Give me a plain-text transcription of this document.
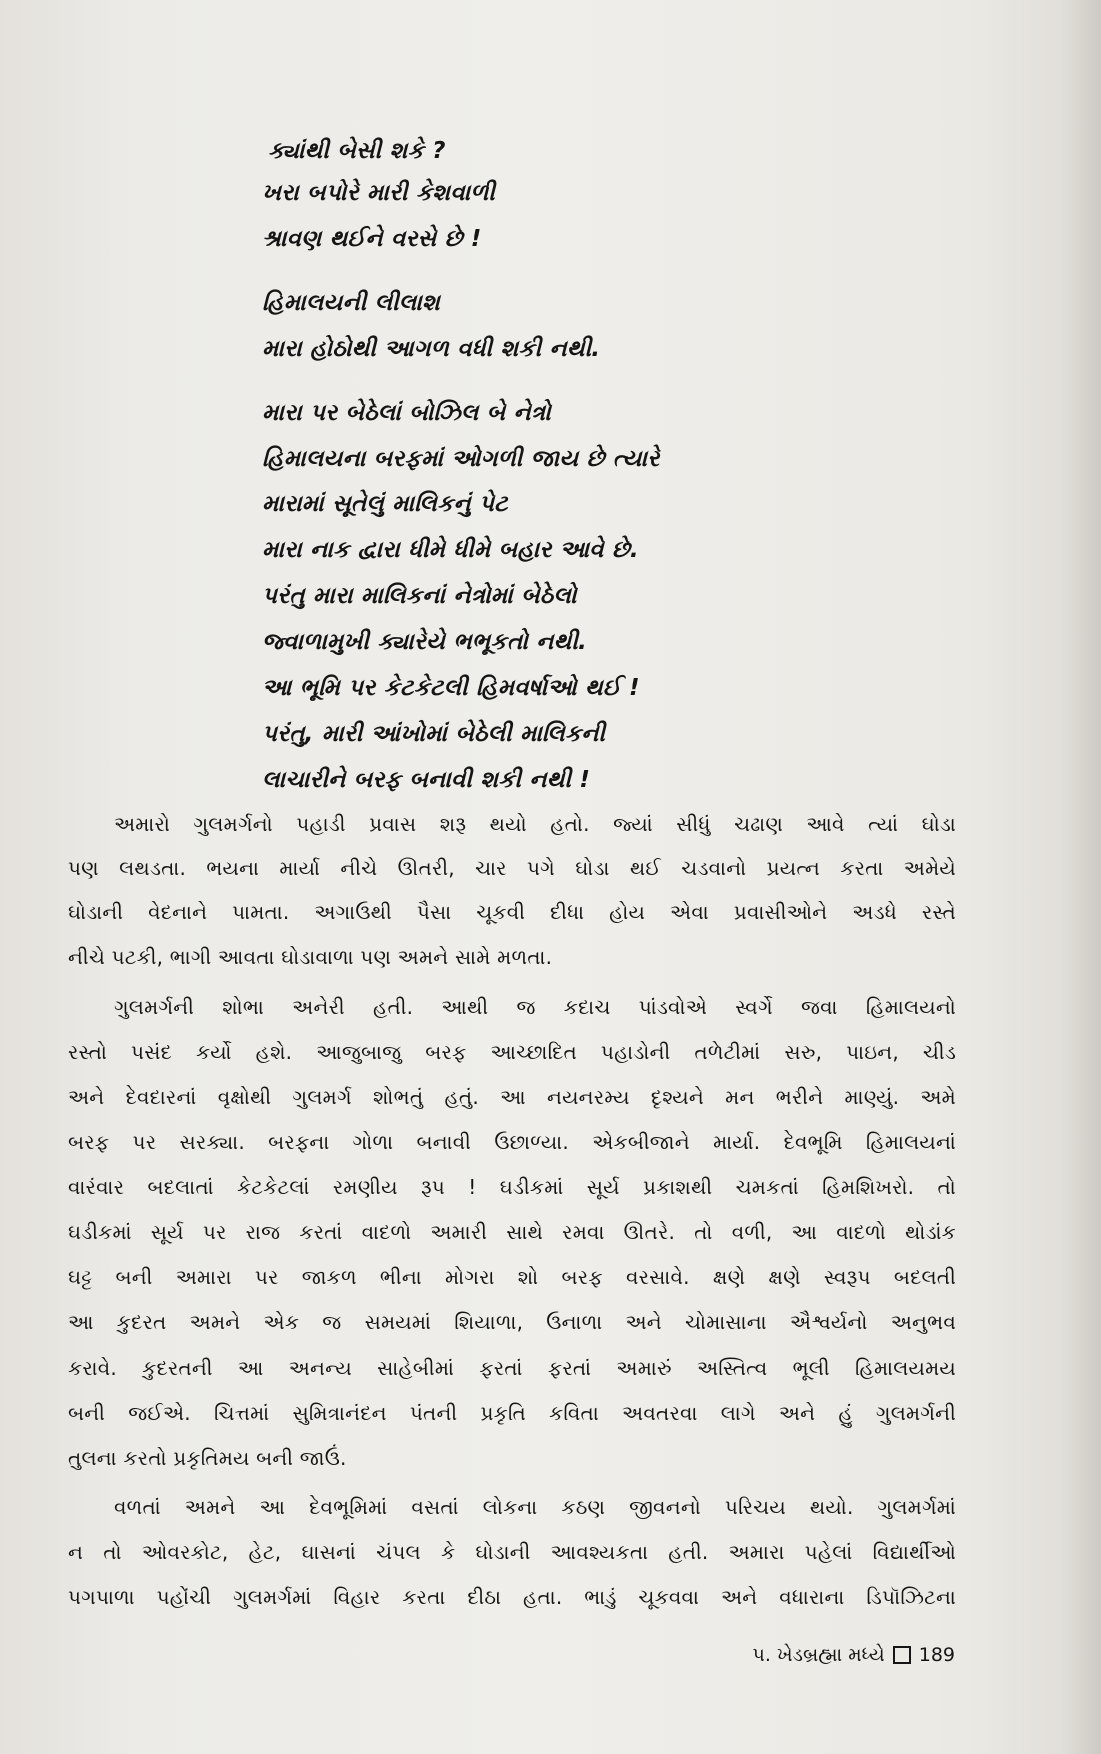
ક્યાંથી બેસી શકે ?
ખરા બપોરે મારી કેશવાળી
શ્રાવણ થઈને વરસે છે !
હિમાલયની લીલાશ
મારા હોઠોથી આગળ વધી શકી નથી.
મારા પર બેઠેલાં બોઝિલ બે નેત્રો
હિમાલયના બરફમાં ઓગળી જાય છે ત્યારે
મારામાં સૂતેલું માલિકનું પેટ
મારા નાક દ્વારા ધીમે ધીમે બહાર આવે છે.
પરંતુ મારા માલિકનાં નેત્રોમાં બેઠેલો
જ્વાળામુખી ક્યારેયે ભભૂકતો નથી.
આ ભૂમિ પર કેટકેટલી હિમવર્ષાઓ થઈ !
પરંતુ, મારી આંખોમાં બેઠેલી માલિકની
લાચારીને બરફ બનાવી શકી નથી !
અમારો ગુલમર્ગનો પહાડી પ્રવાસ શરૂ થયો હતો. જ્યાં સીધું ચઢાણ આવે ત્યાં ઘોડા
પણ લથડતા. ભયના માર્યા નીચે ઊતરી, ચાર પગે ઘોડા થઈ ચડવાનો પ્રયત્ન કરતા અમેયે
ઘોડાની વેદનાને પામતા. અગાઉથી પૈસા ચૂકવી દીધા હોય એવા પ્રવાસીઓને અડધે રસ્તે
નીચે પટકી, ભાગી આવતા ઘોડાવાળા પણ અમને સામે મળતા.
ગુલમર્ગની શોભા અનેરી હતી. આથી જ કદાચ પાંડવોએ સ્વર્ગે જવા હિમાલયનો
રસ્તો પસંદ કર્યો હશે. આજુબાજુ બરફ આચ્છાદિત પહાડોની તળેટીમાં સરુ, પાઇન, ચીડ
અને દેવદારનાં વૃક્ષોથી ગુલમર્ગ શોભતું હતું. આ નયનરમ્ય દૃશ્યને મન ભરીને માણ્યું. અમે
બરફ પર સરક્યા. બરફના ગોળા બનાવી ઉછાળ્યા. એકબીજાને માર્યા. દેવભૂમિ હિમાલયનાં
વારંવાર બદલાતાં કેટકેટલાં રમણીય રૂપ ! ઘડીકમાં સૂર્ય પ્રકાશથી ચમકતાં હિમશિખરો. તો
ઘડીકમાં સૂર્ય પર રાજ કરતાં વાદળો અમારી સાથે રમવા ઊતરે. તો વળી, આ વાદળો થોડાંક
ઘટ્ટ બની અમારા પર જાકળ ભીના મોગરા શો બરફ વરસાવે. ક્ષણે ક્ષણે સ્વરૂપ બદલતી
આ કુદરત અમને એક જ સમયમાં શિયાળા, ઉનાળા અને ચોમાસાના ઐશ્વર્યનો અનુભવ
કરાવે. કુદરતની આ અનન્ય સાહેબીમાં ફરતાં ફરતાં અમારું અસ્તિત્વ ભૂલી હિમાલયમય
બની જઈએ. ચિત્તમાં સુમિત્રાનંદન પંતની પ્રકૃતિ કવિતા અવતરવા લાગે અને હું ગુલમર્ગની
તુલના કરતો પ્રકૃતિમય બની જાઉં.
વળતાં અમને આ દેવભૂમિમાં વસતાં લોકના કઠણ જીવનનો પરિચય થયો. ગુલમર્ગમાં
ન તો ઓવરકોટ, હેટ, ઘાસનાં ચંપલ કે ઘોડાની આવશ્યકતા હતી. અમારા પહેલાં વિદ્યાર્થીઓ
પગપાળા પહોંચી ગુલમર્ગમાં વિહાર કરતા દીઠા હતા. ભાડું ચૂકવવા અને વધારાના ડિપૉઝિટના
પ. ખેડબ્રહ્મા મધ્યે 189
